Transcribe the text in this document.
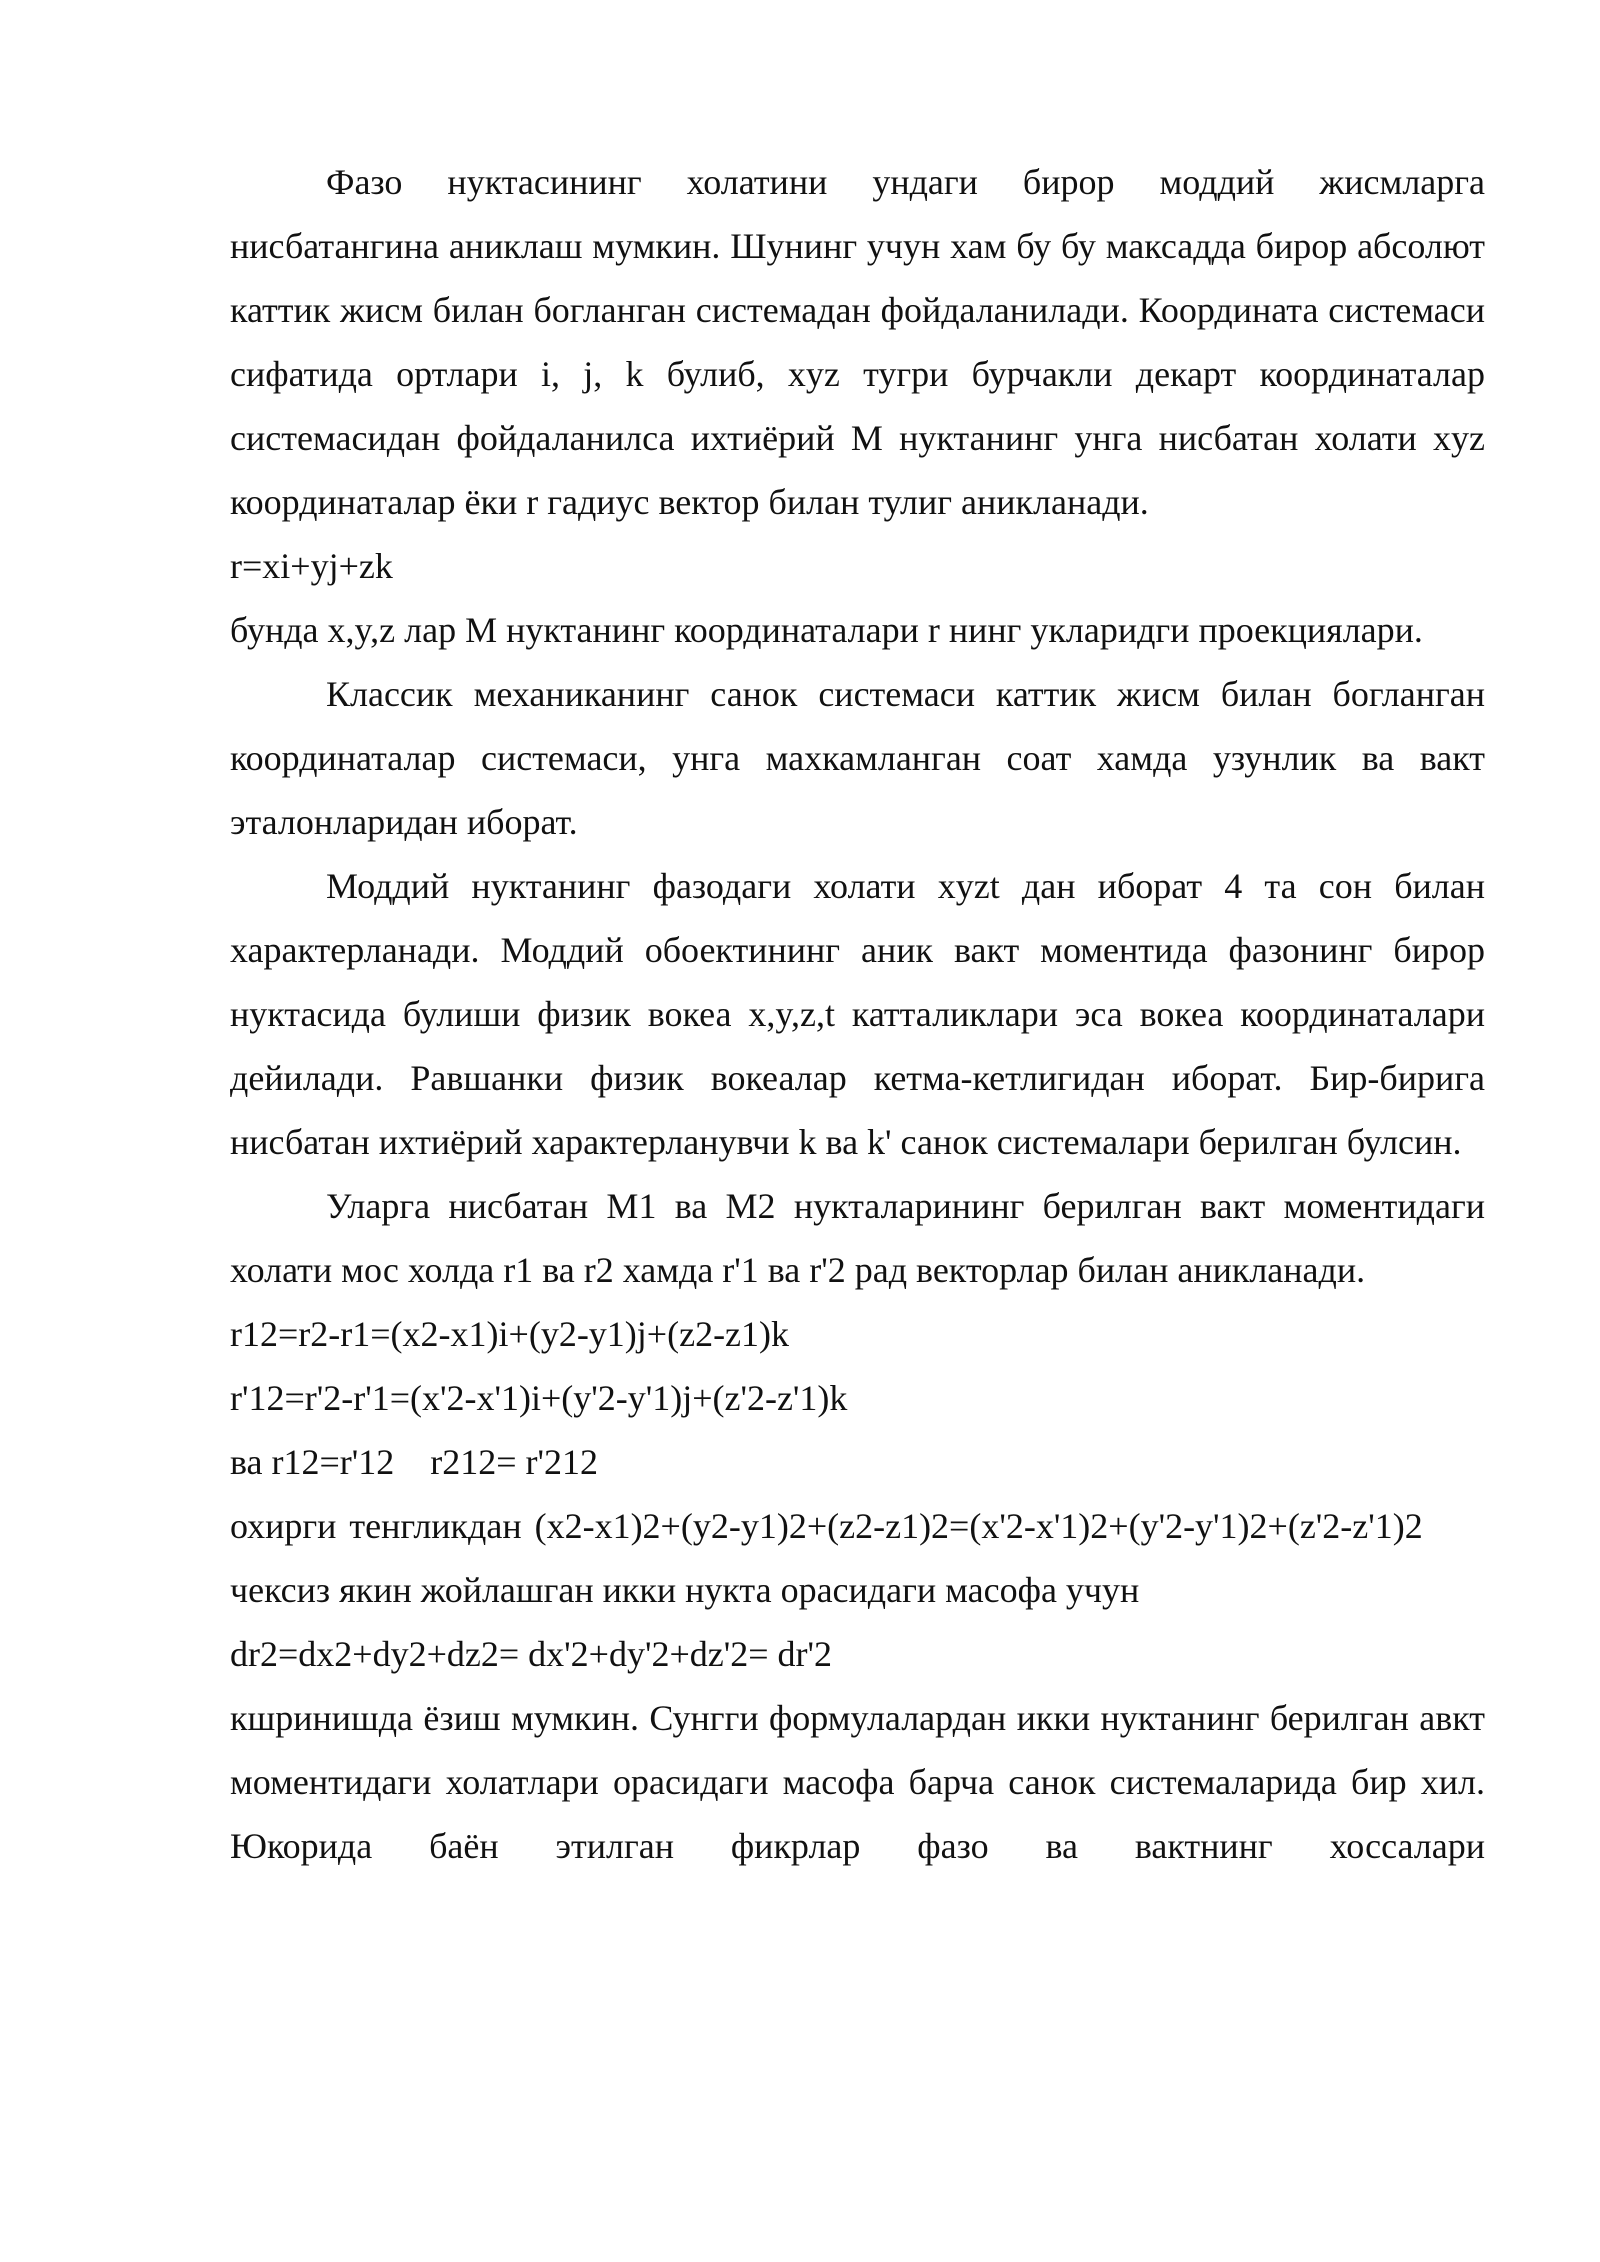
Фазо нуктасининг холатини ундаги бирор моддий жисмларга нисбатангина аниклаш мумкин. Шунинг учун хам бу бу максадда бирор абсолют каттик жисм билан богланган системадан фойдаланилади. Координата системаси сифатида ортлари i, j, k булиб, xyz тугри бурчакли декарт координаталар системасидан фойдаланилса ихтиёрий М нуктанинг унга нисбатан холати xyz координаталар ёки r гадиус вектор билан тулиг аникланади.

r=xi+yj+zk

бунда x,y,z лар М нуктанинг координаталари r нинг укларидги проекциялари.

Классик механиканинг санок системаси каттик жисм билан богланган координаталар системаси, унга махкамланган соат хамда узунлик ва вакт эталонларидан иборат.

Моддий нуктанинг фазодаги холати xyzt дан иборат 4 та сон билан характерланади. Моддий обоектининг аник вакт моментида фазонинг бирор нуктасида булиши физик вокеа x,y,z,t катталиклари эса вокеа координаталари дейилади. Равшанки физик вокеалар кетма-кетлигидан иборат. Бир-бирига нисбатан ихтиёрий характерланувчи k ва k' санок системалари берилган булсин.

Уларга нисбатан М1 ва М2 нукталарининг берилган вакт моментидаги холати мос холда r1 ва r2 хамда r'1 ва r'2 рад векторлар билан аникланади.

r12=r2-r1=(x2-x1)i+(y2-y1)j+(z2-z1)k

r'12=r'2-r'1=(x'2-x'1)i+(y'2-y'1)j+(z'2-z'1)k

ва r12=r'12    r212= r'212

охирги тенгликдан (x2-x1)2+(y2-y1)2+(z2-z1)2=(x'2-x'1)2+(y'2-y'1)2+(z'2-z'1)2

чексиз якин жойлашган икки нукта орасидаги масофа учун

dr2=dx2+dy2+dz2= dx'2+dy'2+dz'2= dr'2

кшринишда ёзиш мумкин. Сунгги формулалардан икки нуктанинг берилган авкт моментидаги холатлари орасидаги масофа барча санок системаларида бир хил. Юкорида баён этилган фикрлар фазо ва вактнинг хоссалари
